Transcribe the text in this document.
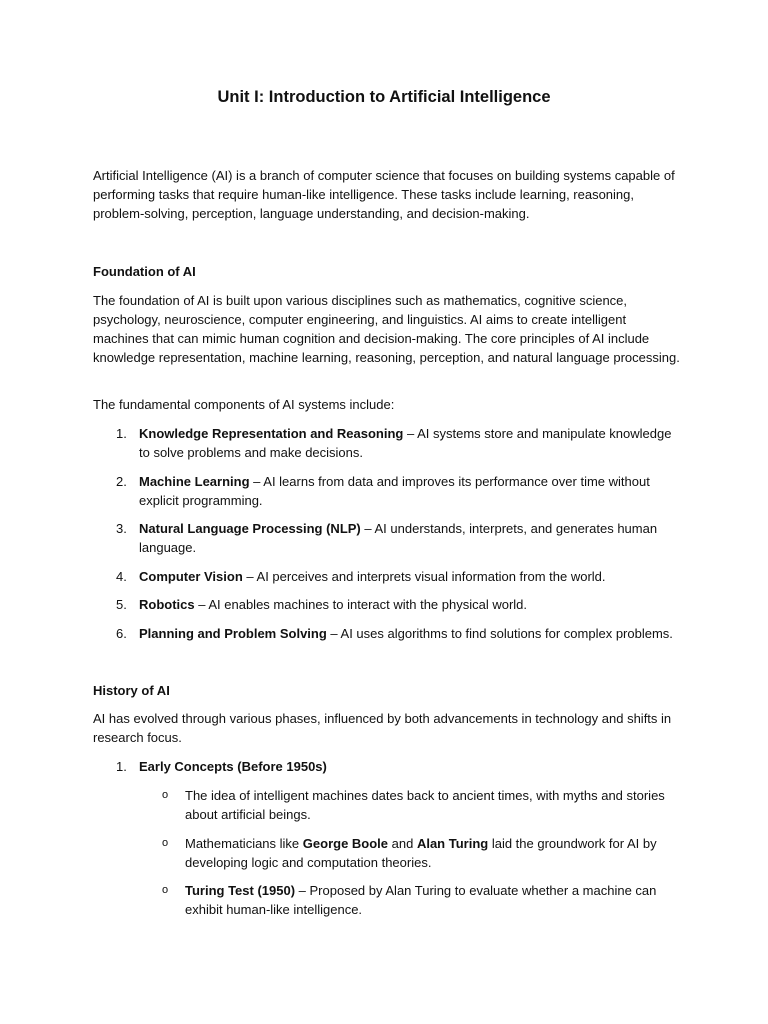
Unit I: Introduction to Artificial Intelligence

Artificial Intelligence (AI) is a branch of computer science that focuses on building systems capable of performing tasks that require human-like intelligence. These tasks include learning, reasoning, problem-solving, perception, language understanding, and decision-making.

Foundation of AI

The foundation of AI is built upon various disciplines such as mathematics, cognitive science, psychology, neuroscience, computer engineering, and linguistics. AI aims to create intelligent machines that can mimic human cognition and decision-making. The core principles of AI include knowledge representation, machine learning, reasoning, perception, and natural language processing.

The fundamental components of AI systems include:

1. Knowledge Representation and Reasoning – AI systems store and manipulate knowledge to solve problems and make decisions.
2. Machine Learning – AI learns from data and improves its performance over time without explicit programming.
3. Natural Language Processing (NLP) – AI understands, interprets, and generates human language.
4. Computer Vision – AI perceives and interprets visual information from the world.
5. Robotics – AI enables machines to interact with the physical world.
6. Planning and Problem Solving – AI uses algorithms to find solutions for complex problems.
History of AI

AI has evolved through various phases, influenced by both advancements in technology and shifts in research focus.

1. Early Concepts (Before 1950s)
o The idea of intelligent machines dates back to ancient times, with myths and stories about artificial beings.
o Mathematicians like George Boole and Alan Turing laid the groundwork for AI by developing logic and computation theories.
o Turing Test (1950) – Proposed by Alan Turing to evaluate whether a machine can exhibit human-like intelligence.
